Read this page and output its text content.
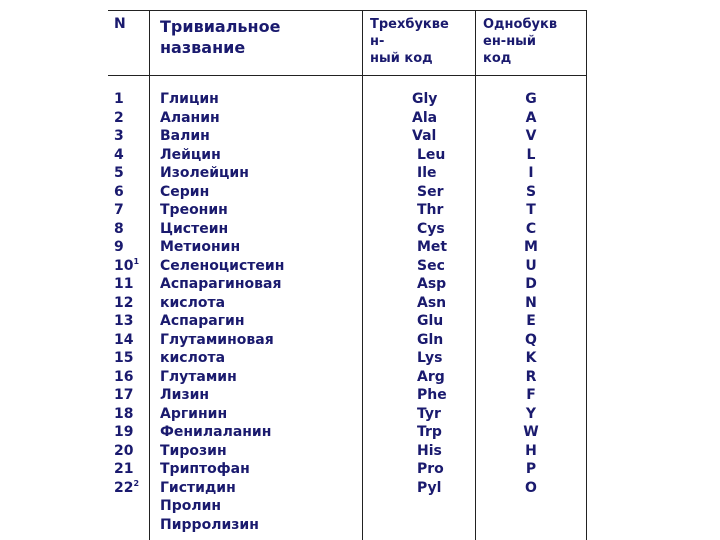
N Тривиальное
название
Трехбукве
н-
ный код
Однобукв
ен-ный
код
1
2
3
4
5
6
7
8
9
$10^1$
11
12
13
14
15
16
17
18
19
20
21
$22^2$
Глицин
Аланин
Валин
Лейцин
Изолейцин
Серин
Треонин
Цистеин
Метионин
Селеноцистеин
Аспарагиновая
кислота
Аспарагин
Глутаминовая
кислота
Глутамин
Лизин
Аргинин
Фенилаланин
Тирозин
Триптофан
Гистидин
Пролин
Пирролизин
Gly
Ala
Val
Leu
Ile
Ser
Thr
Cys
Met
Sec
Asp
Asn
Glu
Gln
Lys
Arg
Phe
Tyr
Trp
His
Pro
Pyl
G
A
V
L
I
S
T
C
M
U
D
N
E
Q
K
R
F
Y
W
H
P
O
